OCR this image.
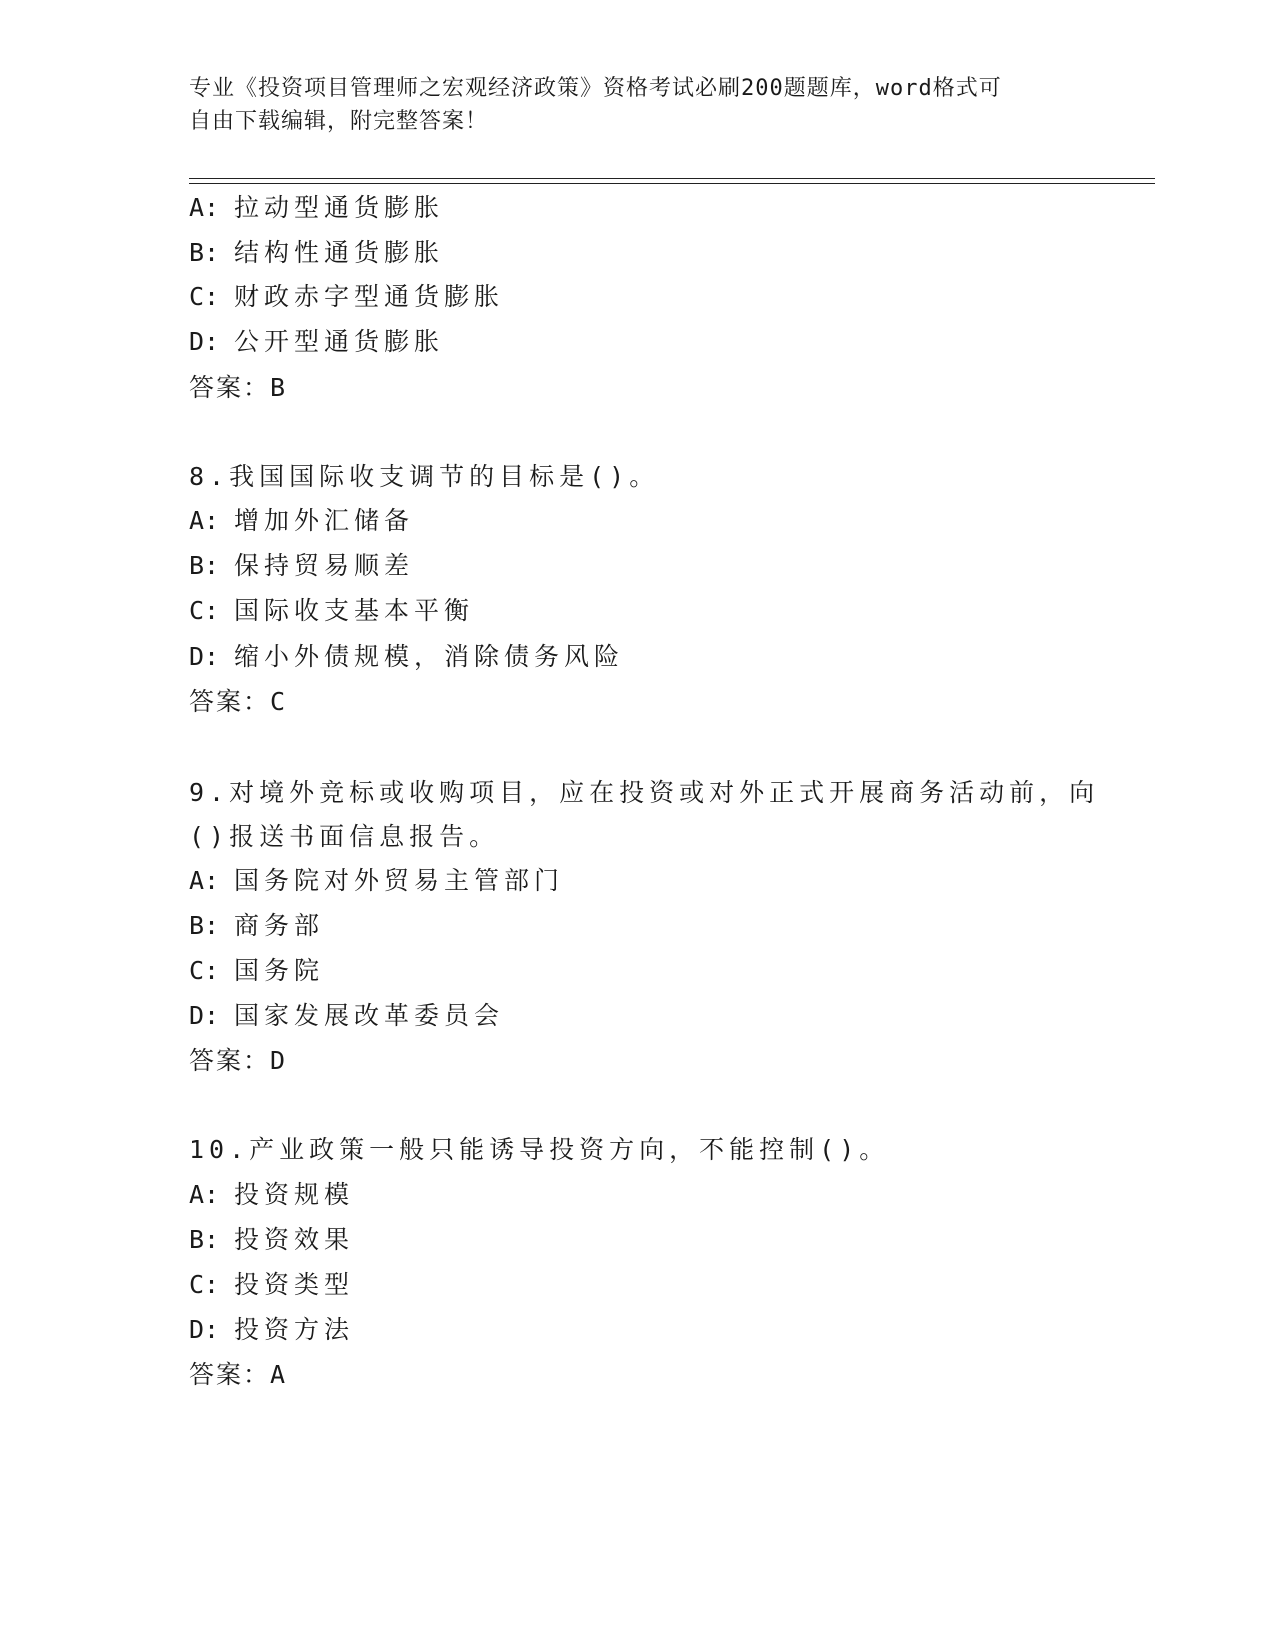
专业《投资项目管理师之宏观经济政策》资格考试必刷200题题库，word格式可
自由下载编辑，附完整答案！
A: 拉动型通货膨胀
B: 结构性通货膨胀
C: 财政赤字型通货膨胀
D: 公开型通货膨胀
答案：B
8.我国国际收支调节的目标是()。
A: 增加外汇储备
B: 保持贸易顺差
C: 国际收支基本平衡
D: 缩小外债规模，消除债务风险
答案：C
9.对境外竞标或收购项目，应在投资或对外正式开展商务活动前，向
()报送书面信息报告。
A: 国务院对外贸易主管部门
B: 商务部
C: 国务院
D: 国家发展改革委员会
答案：D
10.产业政策一般只能诱导投资方向，不能控制()。
A: 投资规模
B: 投资效果
C: 投资类型
D: 投资方法
答案：A
